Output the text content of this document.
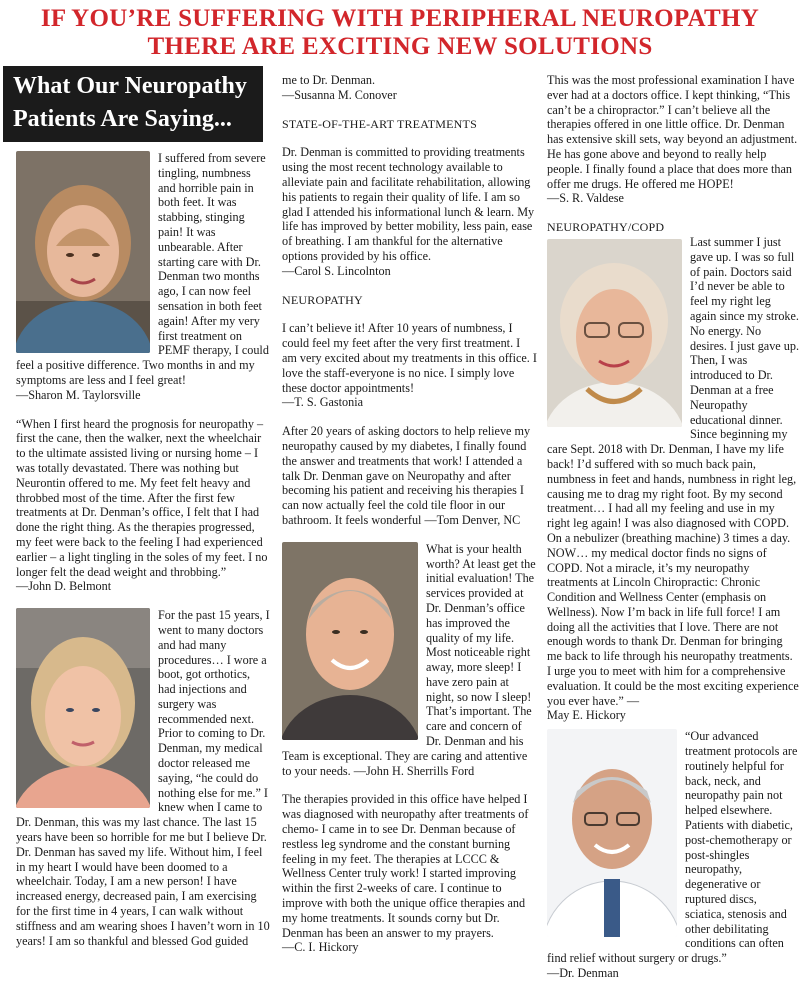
IF YOU’RE SUFFERING WITH PERIPHERAL NEUROPATHY
THERE ARE EXCITING NEW SOLUTIONS
What Our Neuropathy
Patients Are Saying...

I suffered from severe tingling, numbness and horrible pain in both feet. It was stabbing, stinging pain! It was unbearable. After starting care with Dr. Denman two months ago, I can now feel sensation in both feet again! After my very first treatment on PEMF therapy, I could feel a positive difference. Two months in and my symptoms are less and I feel great!

—Sharon M. Taylorsville

“When I first heard the prognosis for neuropathy – first the cane, then the walker, next the wheelchair to the ultimate assisted living or nursing home – I was totally devastated. There was nothing but Neurontin offered to me. My feet felt heavy and throbbed most of the time. After the first few treatments at Dr. Denman’s office, I felt that I had done the right thing. As the therapies progressed, my feet were back to the feeling I had experienced earlier – a light tingling in the soles of my feet. I no longer felt the dead weight and throbbing.”

—John D. Belmont

For the past 15 years, I went to many doctors and had many procedures… I wore a boot, got orthotics, had injections and surgery was recommended next. Prior to coming to Dr. Denman, my medical doctor released me saying, “he could do nothing else for me.” I knew when I came to Dr. Denman, this was my last chance. The last 15 years have been so horrible for me but I believe Dr. Dr. Denman has saved my life. Without him, I feel in my heart I would have been doomed to a wheelchair. Today, I am a new person! I have increased energy, decreased pain, I am exercising for the first time in 4 years, I can walk without stiffness and am wearing shoes I haven’t worn in 10 years! I am so thankful and blessed God guided

me to Dr. Denman.

—Susanna M. Conover

STATE-OF-THE-ART TREATMENTS

Dr. Denman is committed to providing treatments using the most recent technology available to alleviate pain and facilitate rehabilitation, allowing his patients to regain their quality of life. I am so glad I attended his informational lunch & learn. My life has improved by better mobility, less pain, ease of breathing. I am thankful for the alternative options provided by his office.

—Carol S. Lincolnton

NEUROPATHY

I can’t believe it! After 10 years of numbness, I could feel my feet after the very first treatment. I am very excited about my treatments in this office. I love the staff-everyone is no nice. I simply love these doctor appointments!

—T. S. Gastonia

After 20 years of asking doctors to help relieve my neuropathy caused by my diabetes, I finally found the answer and treatments that work! I attended a talk Dr. Denman gave on Neuropathy and after becoming his patient and receiving his therapies I can now actually feel the cold tile floor in our bathroom. It feels wonderful —Tom Denver, NC

What is your health worth? At least get the initial evaluation! The services provided at Dr. Denman’s office has improved the quality of my life. Most noticeable right away, more sleep! I have zero pain at night, so now I sleep! That’s important. The care and concern of Dr. Denman and his Team is exceptional. They are caring and attentive to your needs. —John H. Sherrills Ford

The therapies provided in this office have helped I was diagnosed with neuropathy after treatments of chemo- I came in to see Dr. Denman because of restless leg syndrome and the constant burning feeling in my feet. The therapies at LCCC & Wellness Center truly work! I started improving within the first 2-weeks of care. I continue to improve with both the unique office therapies and my home treatments. It sounds corny but Dr. Denman has been an answer to my prayers.

—C. I. Hickory

This was the most professional examination I have ever had at a doctors office. I kept thinking, “This can’t be a chiropractor.” I can’t believe all the therapies offered in one little office. Dr. Denman has extensive skill sets, way beyond an adjustment. He has gone above and beyond to really help people. I finally found a place that does more than offer me drugs. He offered me HOPE!

—S. R. Valdese

NEUROPATHY/COPD

Last summer I just gave up. I was so full of pain. Doctors said I’d never be able to feel my right leg again since my stroke. No energy. No desires. I just gave up. Then, I was introduced to Dr. Denman at a free Neuropathy educational dinner. Since beginning my care Sept. 2018 with Dr. Denman, I have my life back! I’d suffered with so much back pain, numbness in feet and hands, numbness in right leg, causing me to drag my right foot. By my second treatment… I had all my feeling and use in my right leg again! I was also diagnosed with COPD. On a nebulizer (breathing machine) 3 times a day. NOW… my medical doctor finds no signs of COPD. Not a miracle, it’s my neuropathy treatments at Lincoln Chiropractic: Chronic Condition and Wellness Center (emphasis on Wellness). Now I’m back in life full force! I am doing all the activities that I love. There are not enough words to thank Dr. Denman for bringing me back to life through his neuropathy treatments. I urge you to meet with him for a comprehensive evaluation. It could be the most exciting experience you ever have.” —

May E. Hickory

“Our advanced treatment protocols are routinely helpful for back, neck, and neuropathy pain not helped elsewhere. Patients with diabetic, post-chemotherapy or post-shingles neuropathy, degenerative or ruptured discs, sciatica, stenosis and other debilitating conditions can often find relief without surgery or drugs.”

—Dr. Denman
